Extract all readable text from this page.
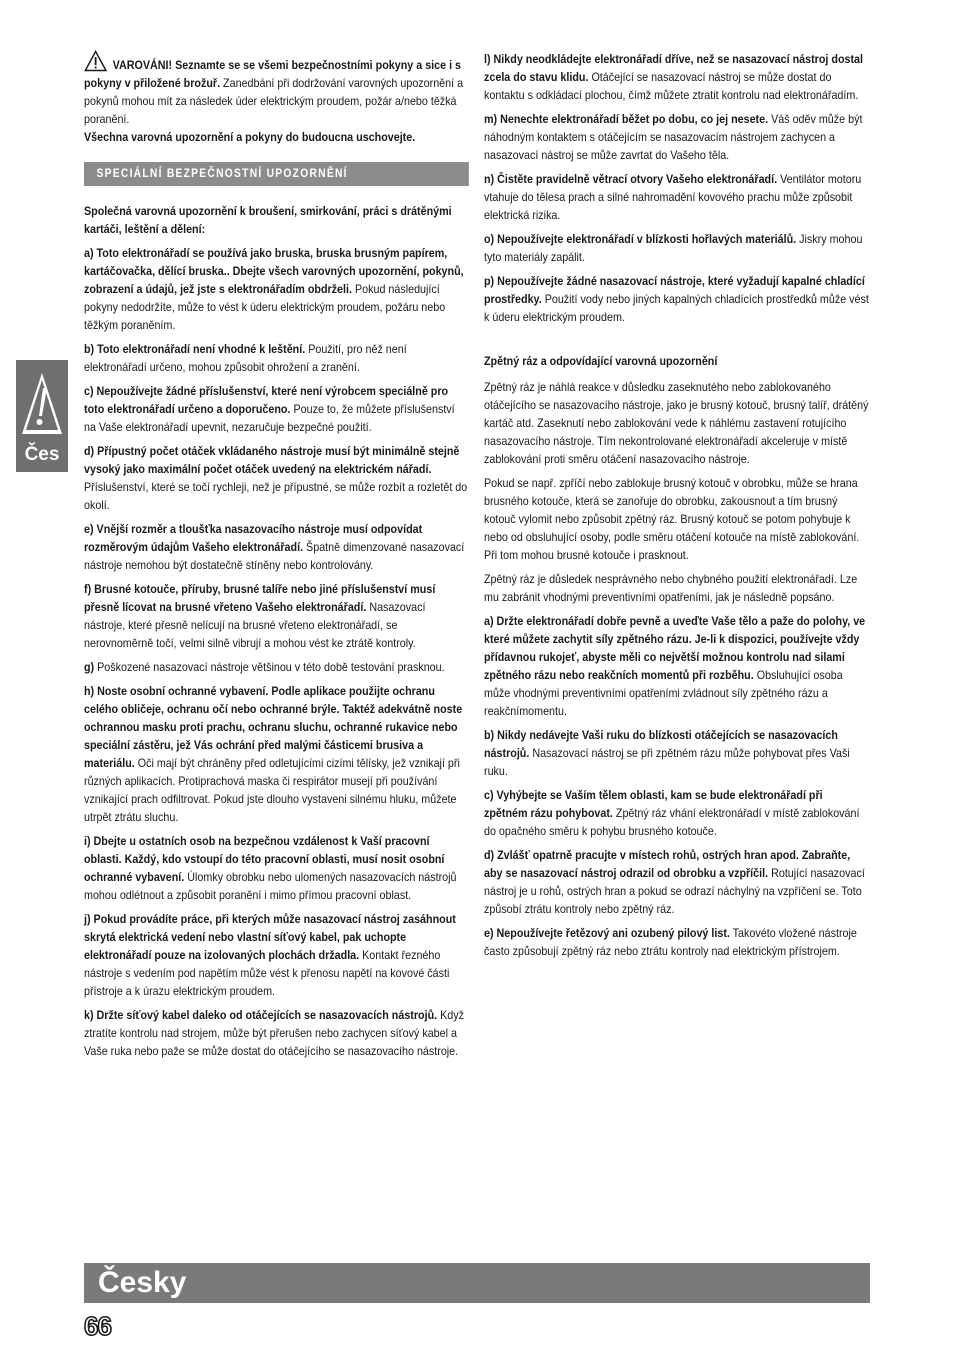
Čes

VAROVÁNI! Seznamte se se všemi bezpečnostními pokyny a sice i s pokyny v přiložené brožuř. Zanedbání při dodržování varovných upozornění a pokynů mohou mít za následek úder elektrickým proudem, požár a/nebo těžká poranění.
Všechna varovná upozornění a pokyny do budoucna uschovejte.

SPECIÁLNÍ BEZPEČNOSTNÍ UPOZORNĚNÍ

Společná varovná upozornění k broušení, smirkování, práci s drátěnými kartáči, leštění a dělení:

a) Toto elektronářadí se používá jako bruska, bruska brusným papírem, kartáčovačka, dělící bruska.. Dbejte všech varovných upozornění, pokynů, zobrazení a údajů, jež jste s elektronářadím obdrželi. Pokud následující pokyny nedodržíte, může to vést k úderu elektrickým proudem, požáru nebo těžkým poraněním.

b) Toto elektronářadí není vhodné k leštění. Použití, pro něž není elektronářadí určeno, mohou způsobit ohrožení a zranění.

c) Nepoužívejte žádné příslušenství, které není výrobcem speciálně pro toto elektronářadí určeno a doporučeno. Pouze to, že můžete příslušenství na Vaše elektronářadí upevnit, nezaručuje bezpečné použití.

d) Přípustný počet otáček vkládaného nástroje musí být minimálně stejně vysoký jako maximální počet otáček uvedený na elektrickém nářadí. Příslušenství, které se točí rychleji, než je přípustné, se může rozbít a rozletět do okolí.

e) Vnější rozměr a tloušťka nasazovacího nástroje musí odpovídat rozměrovým údajům Vašeho elektronářadí. Špatně dimenzované nasazovací nástroje nemohou být dostatečně stíněny nebo kontrolovány.

f) Brusné kotouče, příruby, brusné talíře nebo jiné příslušenství musí přesně lícovat na brusné vřeteno Vašeho elektronářadí. Nasazovací nástroje, které přesně nelícují na brusné vřeteno elektronářadí, se nerovnoměrně točí, velmi silně vibrují a mohou vést ke ztrátě kontroly.

g) Poškozené nasazovací nástroje většinou v této době testování prasknou.

h) Noste osobní ochranné vybavení. Podle aplikace použijte ochranu celého obličeje, ochranu očí nebo ochranné brýle. Taktéž adekvátně noste ochrannou masku proti prachu, ochranu sluchu, ochranné rukavice nebo speciální zástěru, jež Vás ochrání před malými částicemi brusiva a materiálu. Oči mají být chráněny před odletujícími cizími tělísky, jež vznikají při různých aplikacích. Protiprachová maska či respirátor musejí při používání vznikající prach odfiltrovat. Pokud jste dlouho vystaveni silnému hluku, můžete utrpět ztrátu sluchu.

i) Dbejte u ostatních osob na bezpečnou vzdálenost k Vaší pracovní oblasti. Každý, kdo vstoupí do této pracovní oblasti, musí nosit osobní ochranné vybavení. Úlomky obrobku nebo ulomených nasazovacích nástrojů mohou odlétnout a způsobit poranění i mimo přímou pracovní oblast.

j) Pokud provádíte práce, při kterých může nasazovací nástroj zasáhnout skrytá elektrická vedení nebo vlastní síťový kabel, pak uchopte elektronářadí pouze na izolovaných plochách držadla. Kontakt řezného nástroje s vedením pod napětím může vést k přenosu napětí na kovové části přístroje a k úrazu elektrickým proudem.

k) Držte síťový kabel daleko od otáčejících se nasazovacích nástrojů. Když ztratíte kontrolu nad strojem, může být přerušen nebo zachycen síťový kabel a Vaše ruka nebo paže se může dostat do otáčejícího se nasazovacího nástroje.

l) Nikdy neodkládejte elektronářadí dříve, než se nasazovací nástroj dostal zcela do stavu klidu. Otáčející se nasazovací nástroj se může dostat do kontaktu s odkládací plochou, čímž můžete ztratit kontrolu nad elektronářadím.

m) Nenechte elektronářadí běžet po dobu, co jej nesete. Váš oděv může být náhodným kontaktem s otáčejícím se nasazovacím nástrojem zachycen a nasazovací nástroj se může zavrtat do Vašeho těla.

n) Čistěte pravidelně větrací otvory Vašeho elektronářadí. Ventilátor motoru vtahuje do tělesa prach a silné nahromadění kovového prachu může způsobit elektrická rizika.

o) Nepoužívejte elektronářadí v blízkosti hořlavých materiálů. Jiskry mohou tyto materiály zapálit.

p) Nepoužívejte žádné nasazovací nástroje, které vyžadují kapalné chladící prostředky. Použití vody nebo jiných kapalných chladících prostředků může vést k úderu elektrickým proudem.

Zpětný ráz a odpovídající varovná upozornění

Zpětný ráz je náhlá reakce v důsledku zaseknutého nebo zablokovaného otáčejícího se nasazovacího nástroje, jako je brusný kotouč, brusný talíř, drátěný kartáč atd. Zaseknutí nebo zablokování vede k náhlému zastavení rotujícího nasazovacího nástroje. Tím nekontrolované elektronářadí akceleruje v místě zablokování proti směru otáčení nasazovacího nástroje.

Pokud se např. zpříčí nebo zablokuje brusný kotouč v obrobku, může se hrana brusného kotouče, která se zanořuje do obrobku, zakousnout a tím brusný kotouč vylomit nebo způsobit zpětný ráz. Brusný kotouč se potom pohybuje k nebo od obsluhující osoby, podle směru otáčení kotouče na místě zablokování. Při tom mohou brusné kotouče i prasknout.

Zpětný ráz je důsledek nesprávného nebo chybného použití elektronářadí. Lze mu zabránit vhodnými preventivními opatřeními, jak je následně popsáno.

a) Držte elektronářadí dobře pevně a uveďte Vaše tělo a paže do polohy, ve které můžete zachytit síly zpětného rázu. Je-li k dispozici, používejte vždy přídavnou rukojeť, abyste měli co největší možnou kontrolu nad silami zpětného rázu nebo reakčních momentů při rozběhu. Obsluhující osoba může vhodnými preventivními opatřeními zvládnout síly zpětného rázu a reakčnímomentu.

b) Nikdy nedávejte Vaši ruku do blízkosti otáčejících se nasazovacích nástrojů. Nasazovací nástroj se při zpětném rázu může pohybovat přes Vaši ruku.

c) Vyhýbejte se Vaším tělem oblasti, kam se bude elektronářadí při zpětném rázu pohybovat. Zpětný ráz vhání elektronářadí v místě zablokování do opačného směru k pohybu brusného kotouče.

d) Zvlášť opatrně pracujte v místech rohů, ostrých hran apod. Zabraňte, aby se nasazovací nástroj odrazil od obrobku a vzpříčil. Rotující nasazovací nástroj je u rohů, ostrých hran a pokud se odrazí náchylný na vzpříčení se. Toto způsobí ztrátu kontroly nebo zpětný ráz.

e) Nepoužívejte řetězový ani ozubený pilový list. Takovéto vložené nástroje často způsobují zpětný ráz nebo ztrátu kontroly nad elektrickým přístrojem.

Česky
66
